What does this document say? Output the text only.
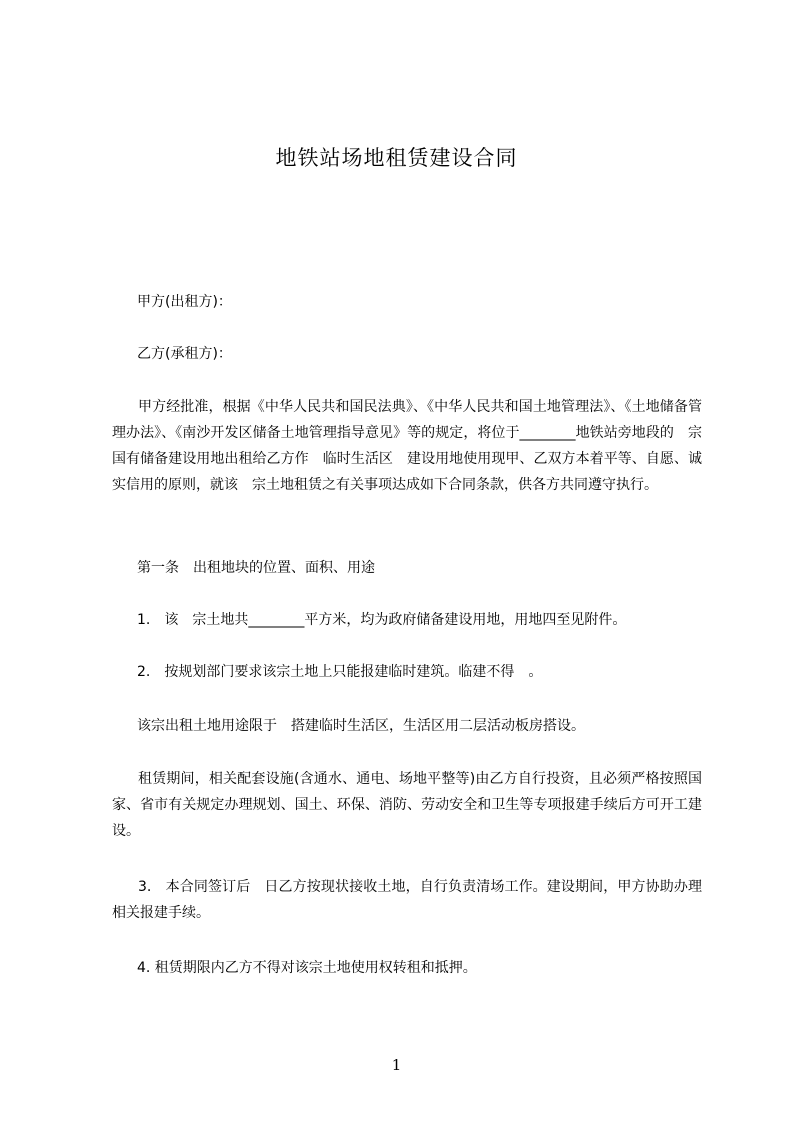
地铁站场地租赁建设合同
甲方(出租方)：
乙方(承租方)：

甲方经批准，根据《中华人民共和国民法典》、《中华人民共和国土地管理法》、《土地储备管理办法》、《南沙开发区储备土地管理指导意见》等的规定，将位于________地铁站旁地段的　宗国有储备建设用地出租给乙方作　临时生活区　建设用地使用现甲、乙双方本着平等、自愿、诚实信用的原则，就该　宗土地租赁之有关事项达成如下合同条款，供各方共同遵守执行。

第一条　出租地块的位置、面积、用途
1.　该　宗土地共________平方米，均为政府储备建设用地，用地四至见附件。
2.　按规划部门要求该宗土地上只能报建临时建筑。临建不得　。
该宗出租土地用途限于　搭建临时生活区，生活区用二层活动板房搭设。

租赁期间，相关配套设施(含通水、通电、场地平整等)由乙方自行投资，且必须严格按照国家、省市有关规定办理规划、国土、环保、消防、劳动安全和卫生等专项报建手续后方可开工建设。

3.　本合同签订后　日乙方按现状接收土地，自行负责清场工作。建设期间，甲方协助办理相关报建手续。

4. 租赁期限内乙方不得对该宗土地使用权转租和抵押。
1
